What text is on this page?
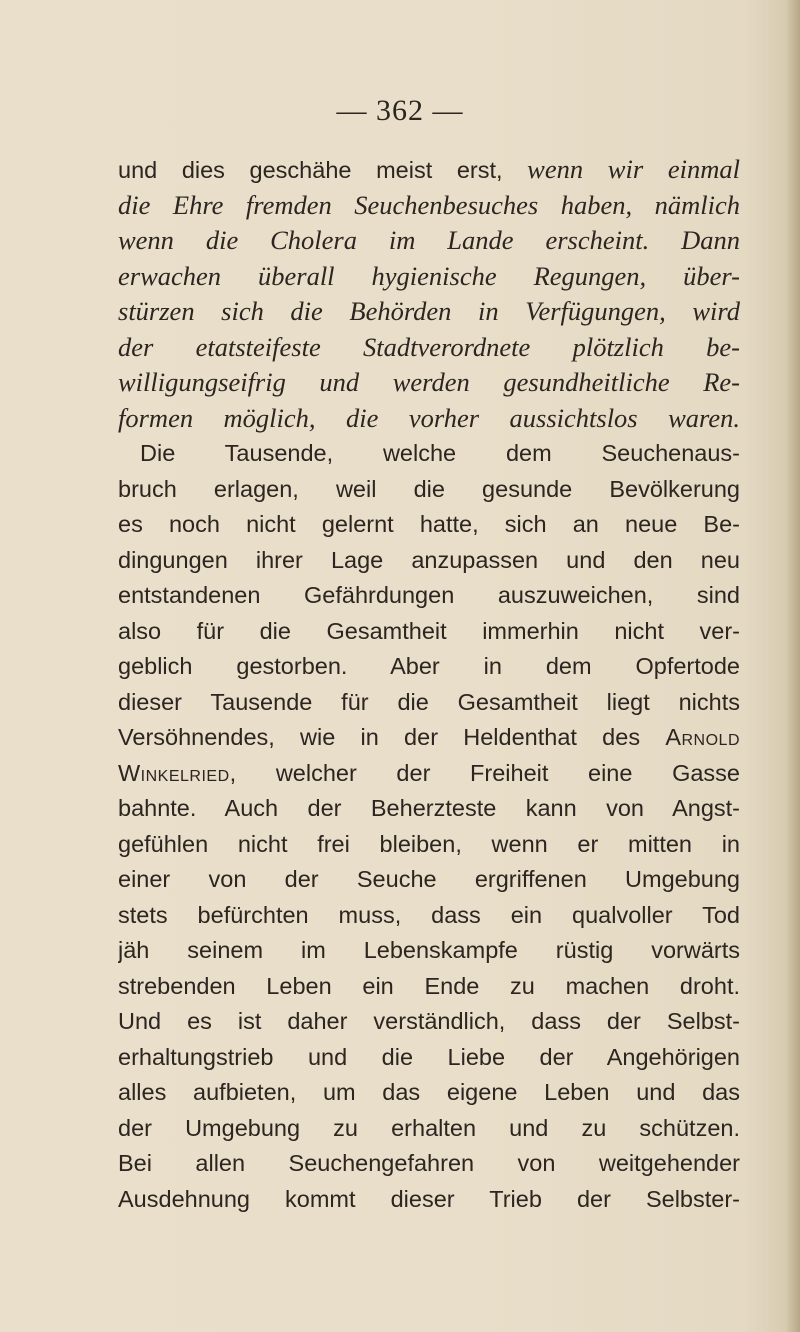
— 362 —
und dies geschähe meist erst, wenn wir einmal
die Ehre fremden Seuchenbesuches haben, nämlich
wenn die Cholera im Lande erscheint. Dann
erwachen überall hygienische Regungen, über-
stürzen sich die Behörden in Verfügungen, wird
der etatsteifeste Stadtverordnete plötzlich be-
willigungseifrig und werden gesundheitliche Re-
formen möglich, die vorher aussichtslos waren.
Die Tausende, welche dem Seuchenaus-
bruch erlagen, weil die gesunde Bevölkerung
es noch nicht gelernt hatte, sich an neue Be-
dingungen ihrer Lage anzupassen und den neu
entstandenen Gefährdungen auszuweichen, sind
also für die Gesamtheit immerhin nicht ver-
geblich gestorben. Aber in dem Opfertode
dieser Tausende für die Gesamtheit liegt nichts
Versöhnendes, wie in der Heldenthat des Arnold
Winkelried, welcher der Freiheit eine Gasse
bahnte. Auch der Beherzteste kann von Angst-
gefühlen nicht frei bleiben, wenn er mitten in
einer von der Seuche ergriffenen Umgebung
stets befürchten muss, dass ein qualvoller Tod
jäh seinem im Lebenskampfe rüstig vorwärts
strebenden Leben ein Ende zu machen droht.
Und es ist daher verständlich, dass der Selbst-
erhaltungstrieb und die Liebe der Angehörigen
alles aufbieten, um das eigene Leben und das
der Umgebung zu erhalten und zu schützen.
Bei allen Seuchengefahren von weitgehender
Ausdehnung kommt dieser Trieb der Selbster-
